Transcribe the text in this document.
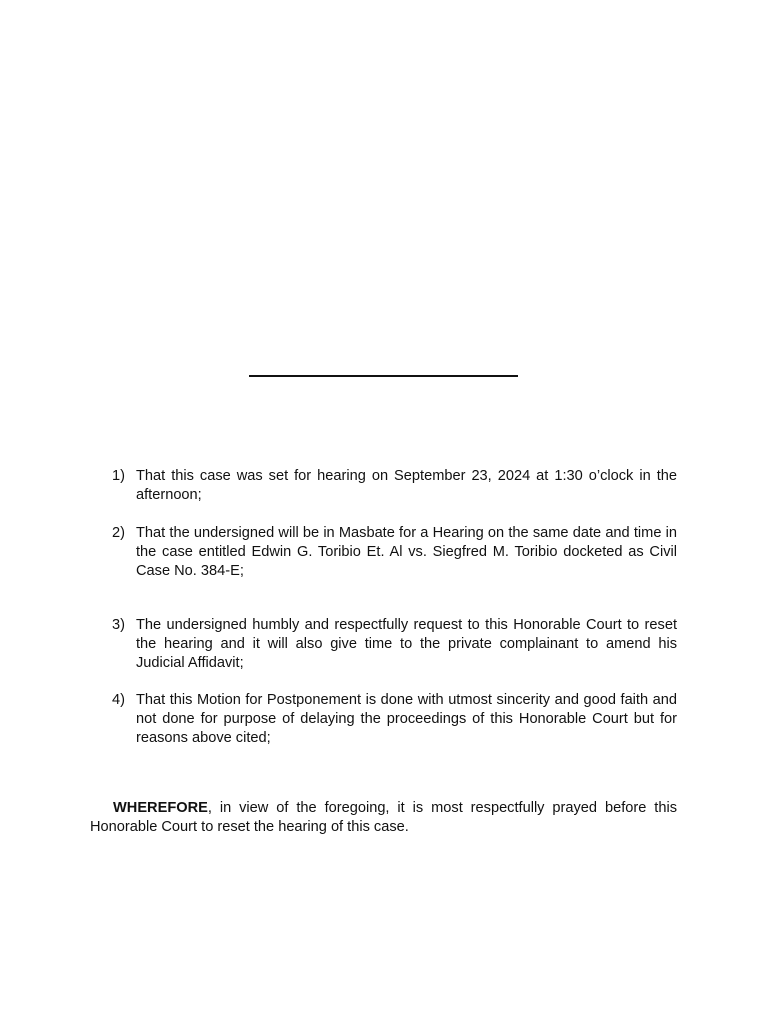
1) That this case was set for hearing on September 23, 2024 at 1:30 o’clock in the afternoon;
2) That the undersigned will be in Masbate for a Hearing on the same date and time in the case entitled Edwin G. Toribio Et. Al vs. Siegfred M. Toribio docketed as Civil Case No. 384-E;
3) The undersigned humbly and respectfully request to this Honorable Court to reset the hearing and it will also give time to the private complainant to amend his Judicial Affidavit;
4) That this Motion for Postponement is done with utmost sincerity and good faith and not done for purpose of delaying the proceedings of this Honorable Court but for reasons above cited;

WHEREFORE, in view of the foregoing, it is most respectfully prayed before this Honorable Court to reset the hearing of this case.
